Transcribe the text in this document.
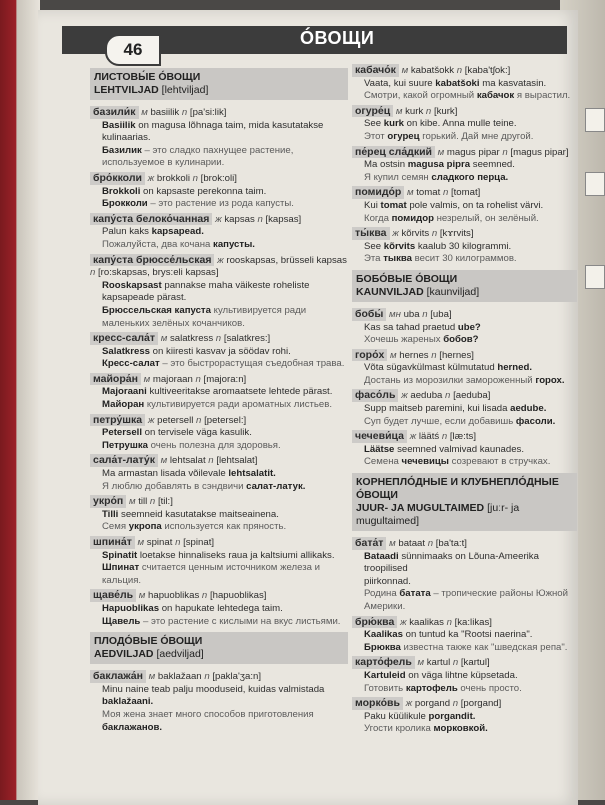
46
ÓВОЩИ
ЛИСТОВЫ́Е ÓВОЩИ
LEHTVILJAD [lehtviljad]
базили́к м basiilik n [pa'si:lik]
Basiilik on magusa lõhnaga taim, mida kasutatakse
kulinaarias.
Базилик – это сладко пахнущее растение,
используемое в кулинарии.
бро́кколи ж brokkoli n [brok:oli]
Brokkoli on kapsaste perekonna taim.
Брокколи – это растение из рода капусты.
капу́ста белоко́чанная ж kapsas n [kapsas]
Palun kaks kapsapead.
Пожалуйста, два кочана капусты.
капу́ста брюссе́льская ж rooskapsas, brüsseli kapsas n [ro:skapsas, brys:eli kapsas]
Rooskapsast pannakse maha väikeste roheliste
kapsapeade pärast.
Брюссельская капуста культивируется ради
маленьких зелёных кочанчиков.
кресс-сала́т м salatkress n [salatkres:]
Salatkress on kiiresti kasvav ja söödav rohi.
Кресс-салат – это быстрорастущая съедобная трава.
майора́н м majoraan n [majora:n]
Majoraani kultiveeritakse aromaatsete lehtede pärast.
Майоран культивируется ради ароматных листьев.
петру́шка ж petersell n [petersel:]
Petersell on tervisele väga kasulik.
Петрушка очень полезна для здоровья.
сала́т-лату́к м lehtsalat n [lehtsalat]
Ma armastan lisada võilevale lehtsalatit.
Я люблю добавлять в сэндвичи салат-латук.
укро́п м till n [til:]
Tilli seemneid kasutatakse maitseainena.
Семя укропа используется как пряность.
шпина́т м spinat n [spinat]
Spinatit loetakse hinnaliseks raua ja kaltsiumi allikaks.
Шпинат считается ценным источником железа и
кальция.
щаве́ль м hapuoblikas n [hapuoblikas]
Hapuoblikas on hapukate lehtedega taim.
Щавель – это растение с кислыми на вкус листьями.
ПЛОДÓВЫЕ ÓВОЩИ
AEDVILJAD [aedviljad]
баклажа́н м baklažaan n [pakla'ʒa:n]
Minu naine teab palju mooduseid, kuidas valmistada
baklažaani.
Моя жена знает много способов приготовления
баклажанов.
кабачо́к м kabatšokk n [kaba'tʃok:]
Vaata, kui suure kabatšoki ma kasvatasin.
Смотри, какой огромный кабачок я вырастил.
огуре́ц м kurk n [kurk]
See kurk on kibe. Anna mulle teine.
Этот огурец горький. Дай мне другой.
пе́рец сла́дкий м magus pipar n [magus pipar]
Ma ostsin magusa pipra seemned.
Я купил семян сладкого перца.
помидо́р м tomat n [tomat]
Kui tomat pole valmis, on ta rohelist värvi.
Когда помидор незрелый, он зелёный.
ты́ква ж kõrvits n [kɤrvits]
See kõrvits kaalub 30 kilogrammi.
Эта тыква весит 30 килограммов.
БОБÓВЫЕ ÓВОЩИ
KAUNVILJAD [kaunviljad]
бобы́ мн uba n [uba]
Kas sa tahad praetud ube?
Хочешь жареных бобов?
горо́х м hernes n [hernes]
Võta sügavkülmast külmutatud herned.
Достань из морозилки замороженный горох.
фасо́ль ж aeduba n [aeduba]
Supp maitseb paremini, kui lisada aedube.
Суп будет лучше, если добавишь фасоли.
чечеви́ца ж läätś n [læ:ts]
Läätse seemned valmivad kaunades.
Семена чечевицы созревают в стручках.
КОРНЕПЛÓДНЫЕ И КЛУБНЕПЛÓДНЫЕ ÓВОЩИ
JUUR- JA MUGULTAIMED [juːr- ja mugultaimed]
бата́т м bataat n [ba'ta:t]
Bataadi sünnimaaks on Lõuna-Ameerika troopilised
piirkonnad.
Родина батата – тропические районы Южной
Америки.
брю́ква ж kaalikas n [ka:likas]
Kaalikas on tuntud ka "Rootsi naerina".
Брюква известна также как "шведская репа".
карто́фель м kartul n [kartul]
Kartuleid on väga lihtne küpsetada.
Готовить картофель очень просто.
морко́вь ж porgand n [porgand]
Paku küülikule porgandit.
Угости кролика морковкой.
